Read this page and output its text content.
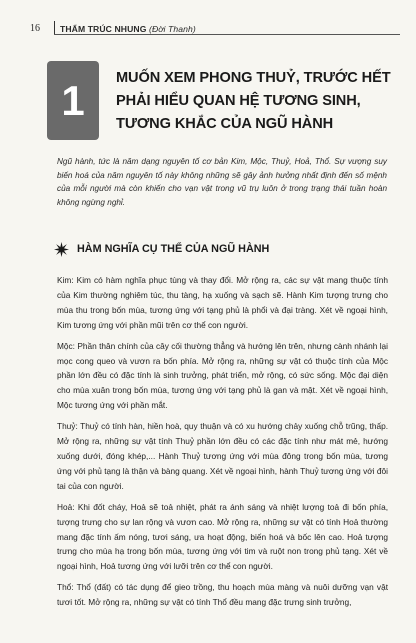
16 THẨM TRÚC NHUNG (Đời Thanh)
1 MUỐN XEM PHONG THUỶ, TRƯỚC HẾT
PHẢI HIỂU QUAN HỆ TƯƠNG SINH,
TƯƠNG KHẮC CỦA NGŨ HÀNH
Ngũ hành, tức là năm dạng nguyên tố cơ bản Kim, Mộc, Thuỷ, Hoả, Thổ. Sự vượng suy biến hoá của năm nguyên tố này không những sẽ gây ảnh hưởng nhất định đến số mệnh của mỗi người mà còn khiến cho vạn vật trong vũ trụ luôn ở trong trạng thái tuần hoàn không ngừng nghỉ.
HÀM NGHĨA CỤ THỂ CỦA NGŨ HÀNH

Kim: Kim có hàm nghĩa phục tùng và thay đổi. Mở rộng ra, các sự vật mang thuộc tính của Kim thường nghiêm túc, thu tàng, hạ xuống và sạch sẽ. Hành Kim tượng trưng cho mùa thu trong bốn mùa, tương ứng với tạng phủ là phổi và đại tràng. Xét về ngoại hình, Kim tương ứng với phần mũi trên cơ thể con người.

Mộc: Phần thân chính của cây cối thường thẳng và hướng lên trên, nhưng cành nhánh lại mọc cong queo và vươn ra bốn phía. Mở rộng ra, những sự vật có thuộc tính của Mộc phần lớn đều có đặc tính là sinh trưởng, phát triển, mở rộng, có sức sống. Mộc đại diện cho mùa xuân trong bốn mùa, tương ứng với tạng phủ là gan và mật. Xét về ngoại hình, Mộc tương ứng với phần mắt.

Thuỷ: Thuỷ có tính hàn, hiền hoà, quy thuận và có xu hướng chảy xuống chỗ trũng, thấp. Mở rộng ra, những sự vật tính Thuỷ phần lớn đều có các đặc tính như mát mẻ, hướng xuống dưới, đóng khép,... Hành Thuỷ tương ứng với mùa đông trong bốn mùa, tương ứng với phủ tạng là thận và bàng quang. Xét về ngoại hình, hành Thuỷ tương ứng với đôi tai của con người.

Hoả: Khi đốt cháy, Hoả sẽ toả nhiệt, phát ra ánh sáng và nhiệt lượng toả đi bốn phía, tượng trưng cho sự lan rộng và vươn cao. Mở rộng ra, những sự vật có tính Hoả thường mang đặc tính ấm nóng, tươi sáng, ưa hoạt động, biến hoá và bốc lên cao. Hoả tượng trưng cho mùa hạ trong bốn mùa, tương ứng với tim và ruột non trong phủ tạng. Xét về ngoại hình, Hoả tương ứng với lưỡi trên cơ thể con người.

Thổ: Thổ (đất) có tác dụng để gieo trồng, thu hoạch mùa màng và nuôi dưỡng vạn vật tươi tốt. Mở rộng ra, những sự vật có tính Thổ đều mang đặc trưng sinh trưởng,
